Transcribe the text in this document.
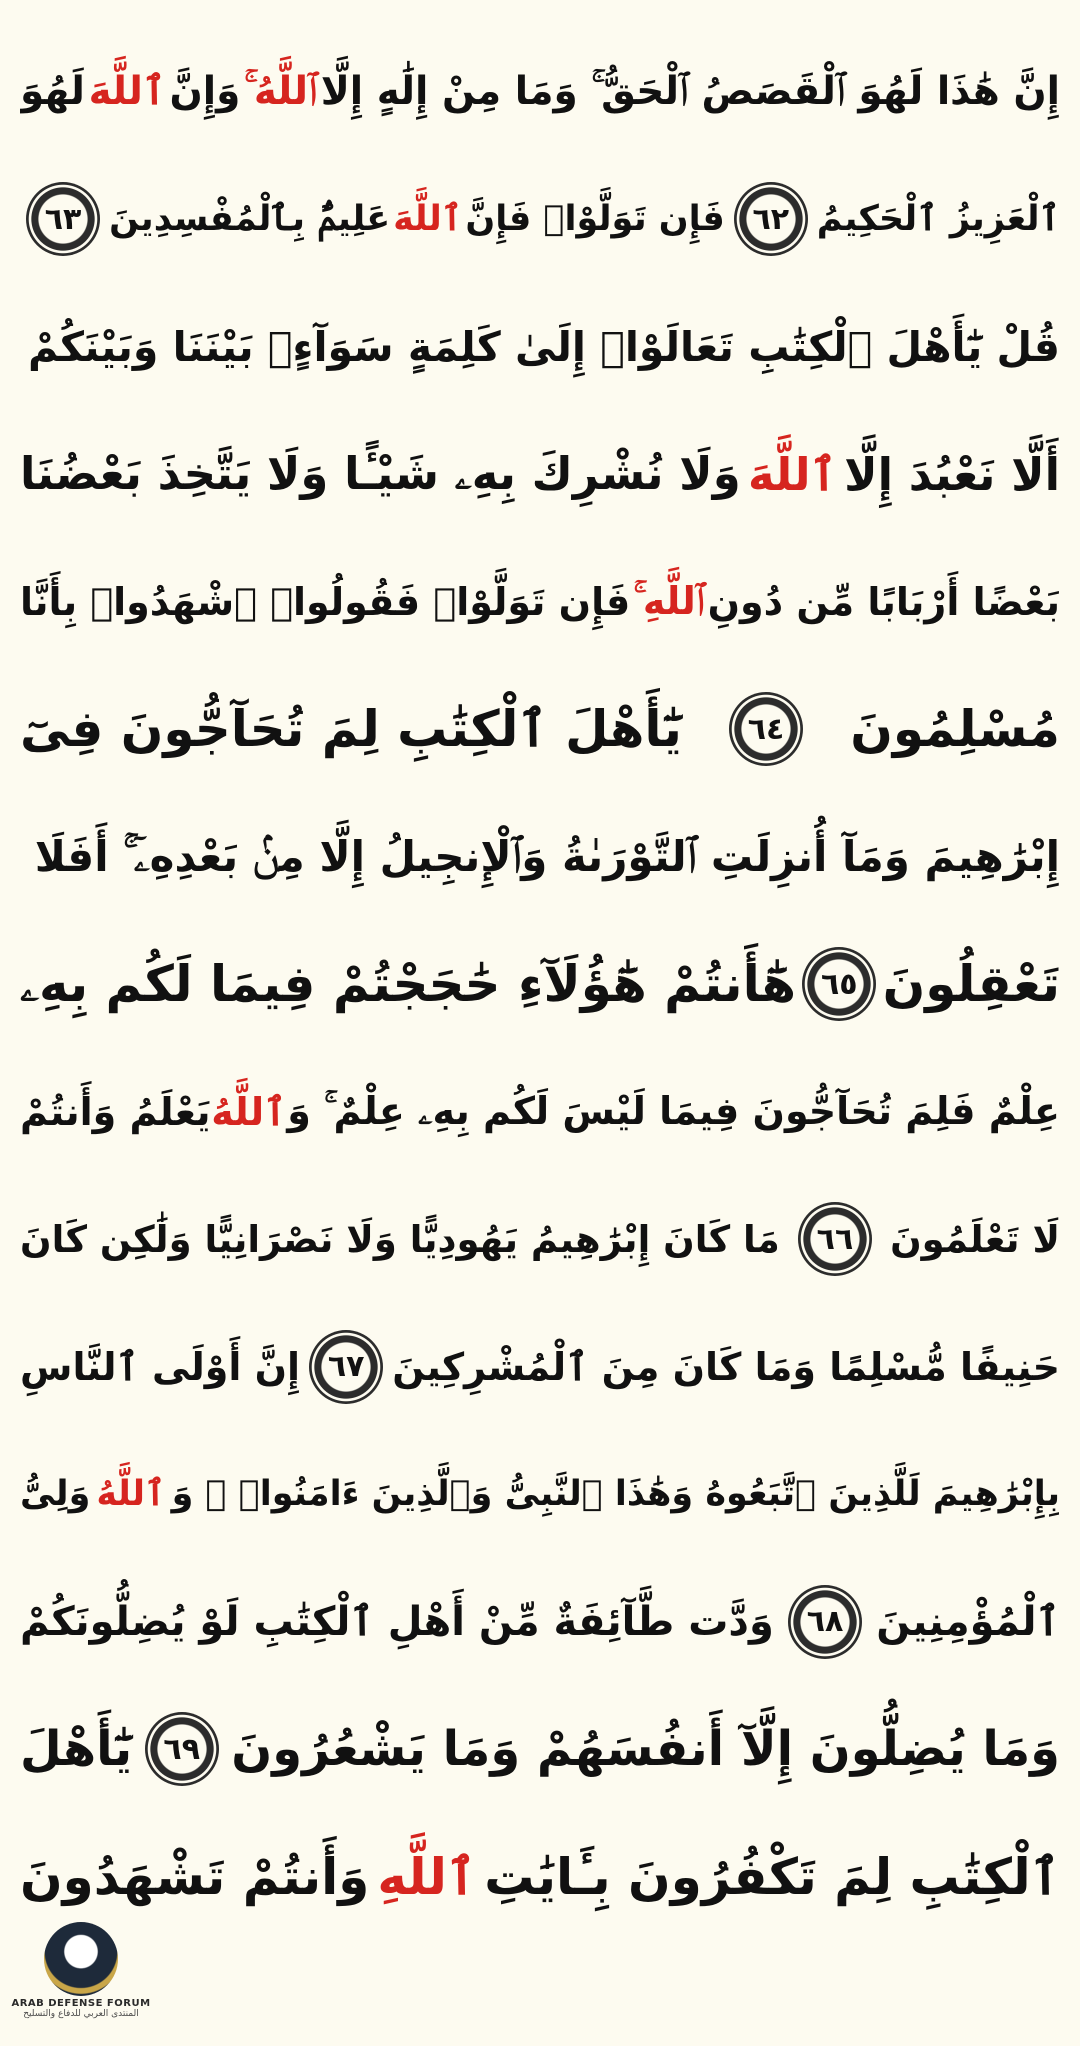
إِنَّ هَٰذَا لَهُوَ ٱلْقَصَصُ ٱلْحَقُّ ۚ وَمَا مِنْ إِلَٰهٍ إِلَّا
ٱللَّهُ ۚ
وَإِنَّ
ٱللَّهَ
لَهُوَ
ٱلْعَزِيزُ ٱلْحَكِيمُ
٦٢
فَإِن تَوَلَّوْا۟ فَإِنَّ
ٱللَّهَ
عَلِيمٌۢ بِٱلْمُفْسِدِينَ
٦٣
قُلْ يَٰٓأَهْلَ ٱلْكِتَٰبِ تَعَالَوْا۟ إِلَىٰ كَلِمَةٍ سَوَآءٍۭ بَيْنَنَا وَبَيْنَكُمْ
أَلَّا نَعْبُدَ إِلَّا
ٱللَّهَ
وَلَا نُشْرِكَ بِهِۦ شَيْـًٔا وَلَا يَتَّخِذَ بَعْضُنَا
بَعْضًا أَرْبَابًا مِّن دُونِ
ٱللَّهِ ۚ
فَإِن تَوَلَّوْا۟ فَقُولُوا۟ ٱشْهَدُوا۟ بِأَنَّا
مُسْلِمُونَ
٦٤
يَٰٓأَهْلَ ٱلْكِتَٰبِ لِمَ تُحَآجُّونَ فِىٓ
إِبْرَٰهِيمَ وَمَآ أُنزِلَتِ ٱلتَّوْرَىٰةُ وَٱلْإِنجِيلُ إِلَّا مِنۢ بَعْدِهِۦٓ ۚ أَفَلَا
تَعْقِلُونَ
٦٥
هَٰٓأَنتُمْ هَٰٓؤُلَآءِ حَٰجَجْتُمْ فِيمَا لَكُم بِهِۦ
عِلْمٌ فَلِمَ تُحَآجُّونَ فِيمَا لَيْسَ لَكُم بِهِۦ عِلْمٌ ۚ وَ
ٱللَّهُ
يَعْلَمُ وَأَنتُمْ
لَا تَعْلَمُونَ
٦٦
مَا كَانَ إِبْرَٰهِيمُ يَهُودِيًّا وَلَا نَصْرَانِيًّا وَلَٰكِن كَانَ
حَنِيفًا مُّسْلِمًا وَمَا كَانَ مِنَ ٱلْمُشْرِكِينَ
٦٧
إِنَّ أَوْلَى ٱلنَّاسِ
بِإِبْرَٰهِيمَ لَلَّذِينَ ٱتَّبَعُوهُ وَهَٰذَا ٱلنَّبِىُّ وَٱلَّذِينَ ءَامَنُوا۟ ۗ وَ
ٱللَّهُ
وَلِىُّ
ٱلْمُؤْمِنِينَ
٦٨
وَدَّت طَّآئِفَةٌ مِّنْ أَهْلِ ٱلْكِتَٰبِ لَوْ يُضِلُّونَكُمْ
وَمَا يُضِلُّونَ إِلَّآ أَنفُسَهُمْ وَمَا يَشْعُرُونَ
٦٩
يَٰٓأَهْلَ
ٱلْكِتَٰبِ لِمَ تَكْفُرُونَ بِـَٔايَٰتِ
ٱللَّهِ
وَأَنتُمْ تَشْهَدُونَ
٧
ARAB DEFENSE FORUM
المنتدى العربي للدفاع والتسليح
